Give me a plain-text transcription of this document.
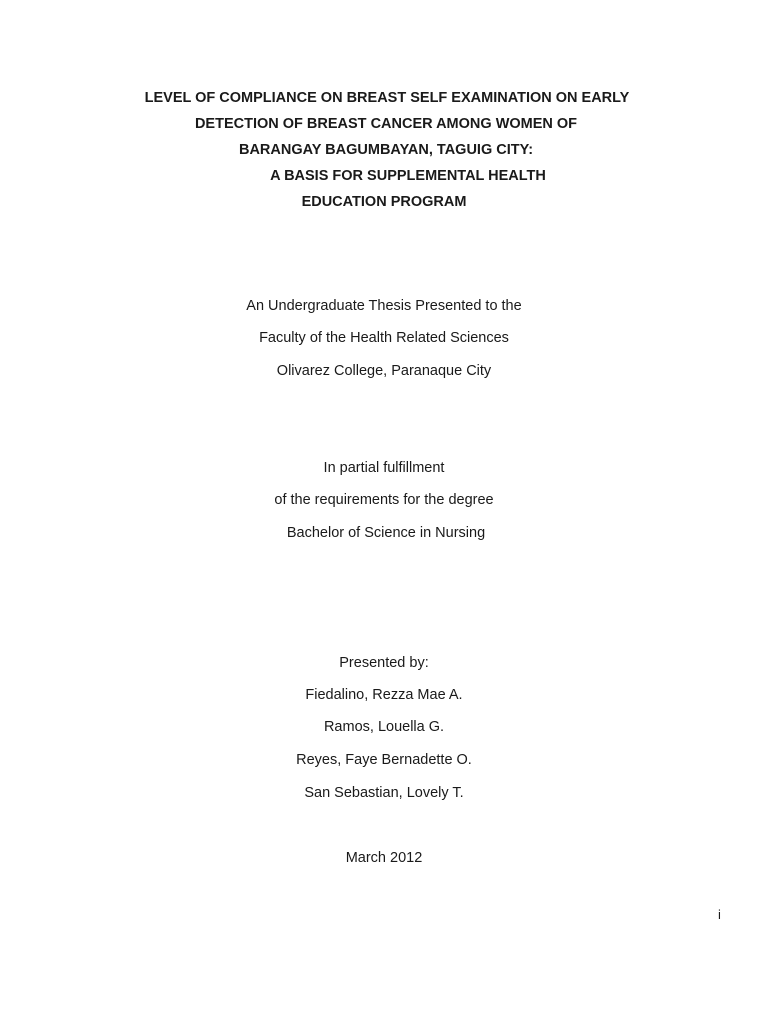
LEVEL OF COMPLIANCE ON BREAST SELF EXAMINATION ON EARLY
DETECTION OF BREAST CANCER AMONG WOMEN OF
BARANGAY BAGUMBAYAN, TAGUIG CITY:
A BASIS FOR SUPPLEMENTAL HEALTH
EDUCATION PROGRAM
An Undergraduate Thesis Presented to the
Faculty of the Health Related Sciences
Olivarez College, Paranaque City
In partial fulfillment
of the requirements for the degree
Bachelor of Science in Nursing
Presented by:
Fiedalino, Rezza Mae A.
Ramos, Louella G.
Reyes, Faye Bernadette O.
San Sebastian, Lovely T.
March 2012
i
